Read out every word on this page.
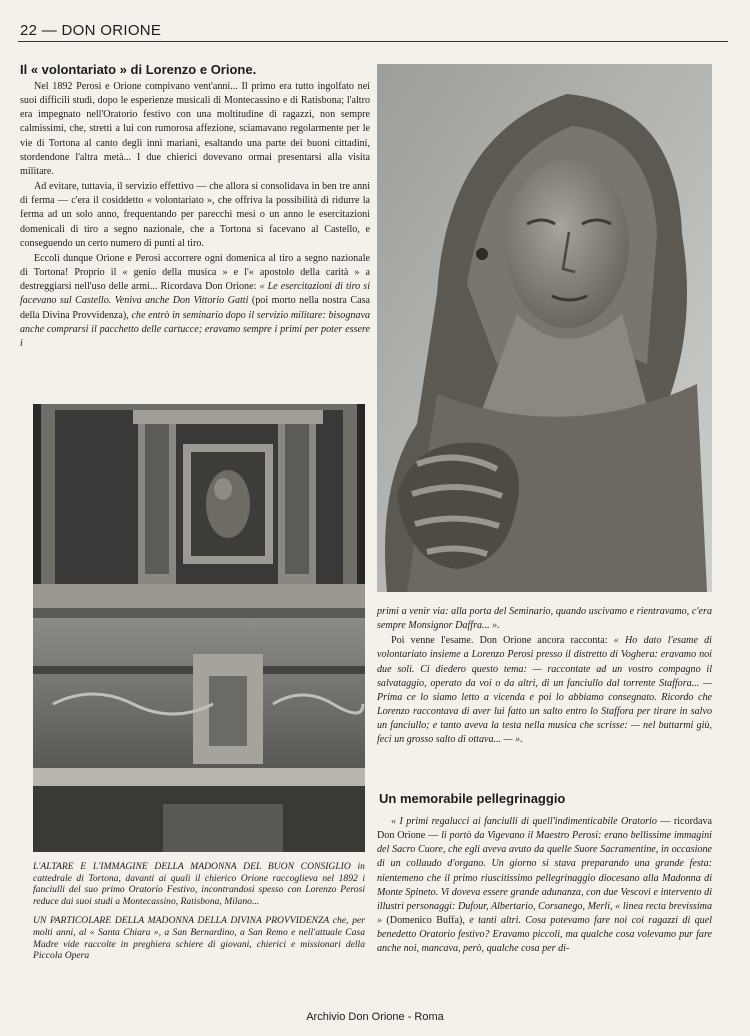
22 — DON ORIONE
Il « volontariato » di Lorenzo e Orione.

Nel 1892 Perosi e Orione compivano vent'anni... Il primo era tutto ingolfato nei suoi difficili studi, dopo le esperienze musicali di Montecassino e di Ratisbona; l'altro era impegnato nell'Oratorio festivo con una moltitudine di ragazzi, non sempre calmissimi, che, stretti a lui con rumorosa affezione, sciamavano regolarmente per le vie di Tortona al canto degli inni mariani, esaltando una parte dei buoni cittadini, stordendone l'altra metà... I due chierici dovevano ormai presentarsi alla visita militare.

Ad evitare, tuttavia, il servizio effettivo — che allora si consolidava in ben tre anni di ferma — c'era il cosiddetto « volontariato », che offriva la possibilità di ridurre la ferma ad un solo anno, frequentando per parecchi mesi o un anno le esercitazioni domenicali di tiro a segno nazionale, che a Tortona si facevano al Castello, e conseguendo un certo numero di punti al tiro.

Eccoli dunque Orione e Perosi accorrere ogni domenica al tiro a segno nazionale di Tortona! Proprio il « genio della musica » e l'« apostolo della carità » a destreggiarsi nell'uso delle armi... Ricordava Don Orione: « Le esercitazioni di tiro si facevano sul Castello. Veniva anche Don Vittorio Gatti (poi morto nella nostra Casa della Divina Provvidenza), che entrò in seminario dopo il servizio militare: bisognava anche comprarsi il pacchetto delle cartucce; eravamo sempre i primi per poter essere i

primi a venir via: alla porta del Seminario, quando uscivamo e rientravamo, c'era sempre Monsignor Daffra... ».

Poi venne l'esame. Don Orione ancora racconta: « Ho dato l'esame di volontariato insieme a Lorenzo Perosi presso il distretto di Voghera: eravamo noi due soli. Ci diedero questo tema: — raccontate ad un vostro compagno il salvataggio, operato da voi o da altri, di un fanciullo dal torrente Staffora... — Prima ce lo siamo letto a vicenda e poi lo abbiamo consegnato. Ricordo che Lorenzo raccontava di aver lui fatto un salto entro lo Staffora per tirare in salvo un fanciullo; e tanto aveva la testa nella musica che scrisse: — nel buttarmi giù, feci un grosso salto di ottava... — ».

L'ALTARE E L'IMMAGINE DELLA MADONNA DEL BUON CONSIGLIO in cattedrale di Tortona, davanti ai quali il chierico Orione raccoglieva nel 1892 i fanciulli del suo primo Oratorio Festivo, incontrandosi spesso con Lorenzo Perosi reduce dai suoi studi a Montecassino, Ratisbona, Milano...

UN PARTICOLARE DELLA MADONNA DELLA DIVINA PROVVIDENZA che, per molti anni, al « Santa Chiara », a San Bernardino, a San Remo e nell'attuale Casa Madre vide raccolte in preghiera schiere di giovani, chierici e missionari della Piccola Opera

Un memorabile pellegrinaggio

« I primi regalucci ai fanciulli di quell'indimenticabile Oratorio — ricordava Don Orione — li portò da Vigevano il Maestro Perosi: erano bellissime immagini del Sacro Cuore, che egli aveva avuto da quelle Suore Sacramentine, in occasione di un collaudo d'organo. Un giorno si stava preparando una grande festa: nientemeno che il primo riuscitissimo pellegrinaggio diocesano alla Madonna di Monte Spineto. Vi doveva essere grande adunanza, con due Vescovi e intervento di illustri personaggi: Dufour, Albertario, Corsanego, Merli, « linea recta brevissima » (Domenico Buffa), e tanti altri. Cosa potevamo fare noi coi ragazzi di quel benedetto Oratorio festivo? Eravamo piccoli, ma qualche cosa volevamo pur fare anche noi, mancava, però, qualche cosa per di-

Archivio Don Orione - Roma
